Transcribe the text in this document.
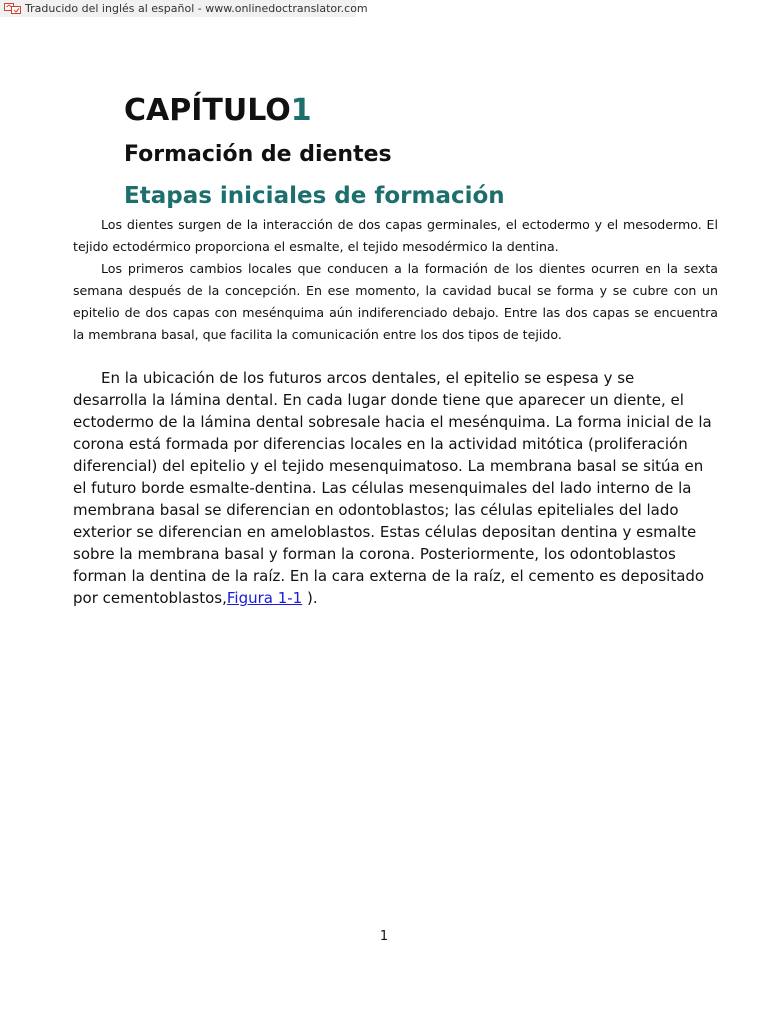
Traducido del inglés al español - www.onlinedoctranslator.com
CAPÍTULO1
Formación de dientes
Etapas iniciales de formación

Los dientes surgen de la interacción de dos capas germinales, el ectodermo y el mesodermo. El tejido ectodérmico proporciona el esmalte, el tejido mesodérmico la dentina.

Los primeros cambios locales que conducen a la formación de los dientes ocurren en la sexta semana después de la concepción. En ese momento, la cavidad bucal se forma y se cubre con un epitelio de dos capas con mesénquima aún indiferenciado debajo. Entre las dos capas se encuentra la membrana basal, que facilita la comunicación entre los dos tipos de tejido.

En la ubicación de los futuros arcos dentales, el epitelio se espesa y se desarrolla la lámina dental. En cada lugar donde tiene que aparecer un diente, el ectodermo de la lámina dental sobresale hacia el mesénquima. La forma inicial de la corona está formada por diferencias locales en la actividad mitótica (proliferación diferencial) del epitelio y el tejido mesenquimatoso. La membrana basal se sitúa en el futuro borde esmalte-dentina. Las células mesenquimales del lado interno de la membrana basal se diferencian en odontoblastos; las células epiteliales del lado exterior se diferencian en ameloblastos. Estas células depositan dentina y esmalte sobre la membrana basal y forman la corona. Posteriormente, los odontoblastos forman la dentina de la raíz. En la cara externa de la raíz, el cemento es depositado por cementoblastos,Figura 1-1 ).

1
